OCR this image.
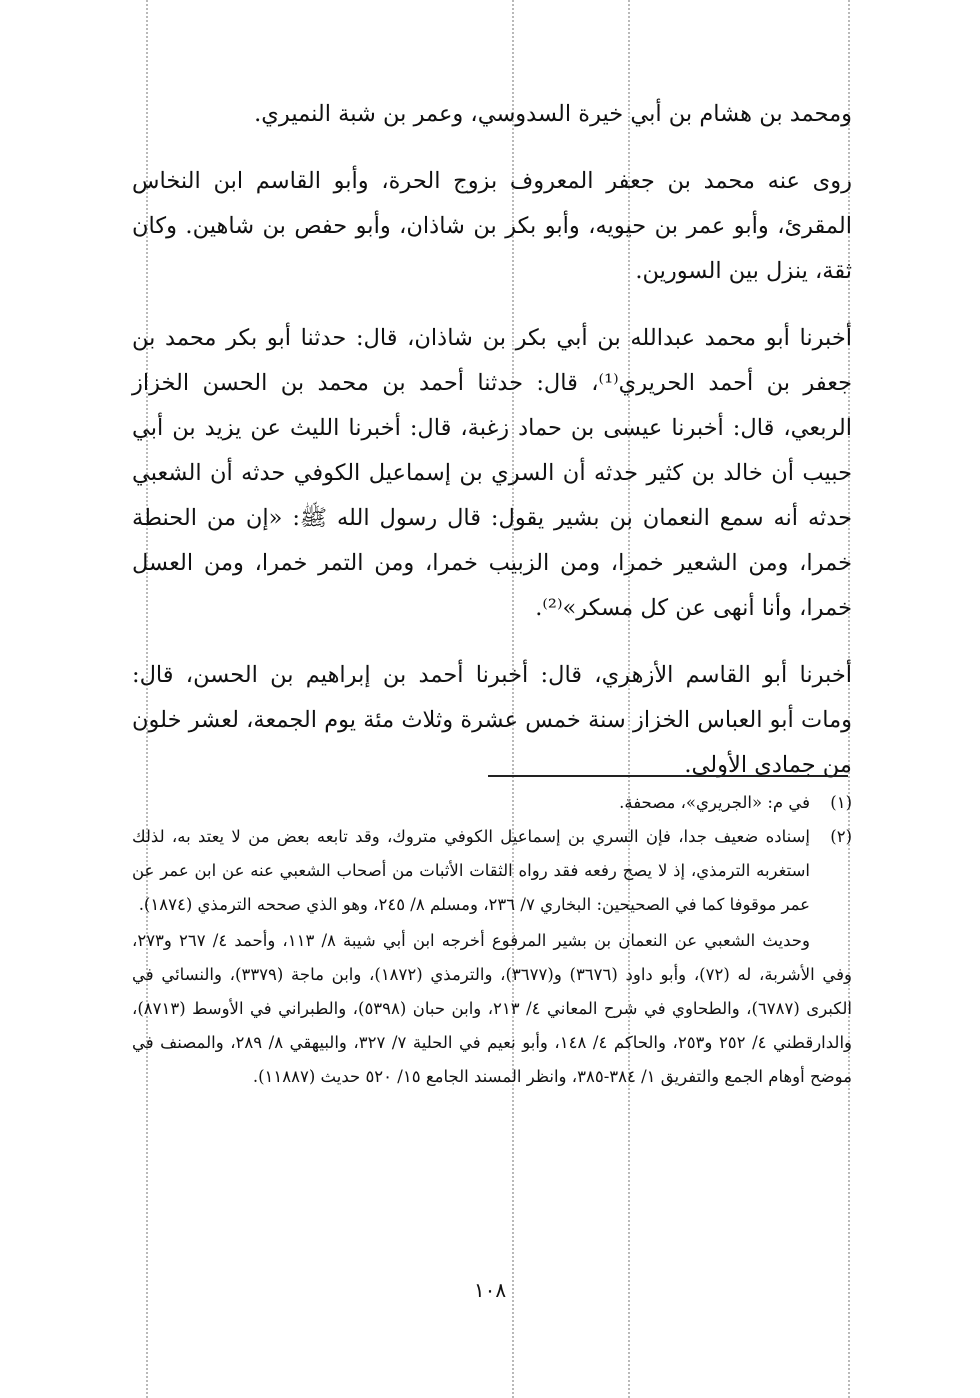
ومحمد بن هشام بن أبي خيرة السدوسي، وعمر بن شبة النميري.

روى عنه محمد بن جعفر المعروف بزوج الحرة، وأبو القاسم ابن النخاس المقرئ، وأبو عمر بن حيويه، وأبو بكر بن شاذان، وأبو حفص بن شاهين. وكان ثقة، ينزل بين السورين.

أخبرنا أبو محمد عبدالله بن أبي بكر بن شاذان، قال: حدثنا أبو بكر محمد بن جعفر بن أحمد الحريري⁽¹⁾، قال: حدثنا أحمد بن محمد بن الحسن الخزاز الربعي، قال: أخبرنا عيسى بن حماد زغبة، قال: أخبرنا الليث عن يزيد بن أبي حبيب أن خالد بن كثير حدثه أن السري بن إسماعيل الكوفي حدثه أن الشعبي حدثه أنه سمع النعمان بن بشير يقول: قال رسول الله ﷺ: «إن من الحنطة خمرا، ومن الشعير خمرا، ومن الزبيب خمرا، ومن التمر خمرا، ومن العسل خمرا، وأنا أنهى عن كل مسكر»⁽²⁾.

أخبرنا أبو القاسم الأزهري، قال: أخبرنا أحمد بن إبراهيم بن الحسن، قال: ومات أبو العباس الخزاز سنة خمس عشرة وثلاث مئة يوم الجمعة، لعشر خلون من جمادى الأولى.

(١)
في م: «الجريري»، مصحفة.
(٢)
إسناده ضعيف جدا، فإن السري بن إسماعيل الكوفي متروك، وقد تابعه بعض من لا يعتد به، لذلك استغربه الترمذي، إذ لا يصح رفعه فقد رواه الثقات الأثبات من أصحاب الشعبي عنه عن ابن عمر عن عمر موقوفا كما في الصحيحين: البخاري ٧/ ٢٣٦، ومسلم ٨/ ٢٤٥، وهو الذي صححه الترمذي (١٨٧٤).

وحديث الشعبي عن النعمان بن بشير المرفوع أخرجه ابن أبي شيبة ٨/ ١١٣، وأحمد ٤/ ٢٦٧ و٢٧٣، وفي الأشربة، له (٧٢)، وأبو داود (٣٦٧٦) و(٣٦٧٧)، والترمذي (١٨٧٢)، وابن ماجة (٣٣٧٩)، والنسائي في الكبرى (٦٧٨٧)، والطحاوي في شرح المعاني ٤/ ٢١٣، وابن حبان (٥٣٩٨)، والطبراني في الأوسط (٨٧١٣)، والدارقطني ٤/ ٢٥٢ و٢٥٣، والحاكم ٤/ ١٤٨، وأبو نعيم في الحلية ٧/ ٣٢٧، والبيهقي ٨/ ٢٨٩، والمصنف في موضح أوهام الجمع والتفريق ١/ ٣٨٤-٣٨٥، وانظر المسند الجامع ١٥/ ٥٢٠ حديث (١١٨٨٧).

١٠٨
